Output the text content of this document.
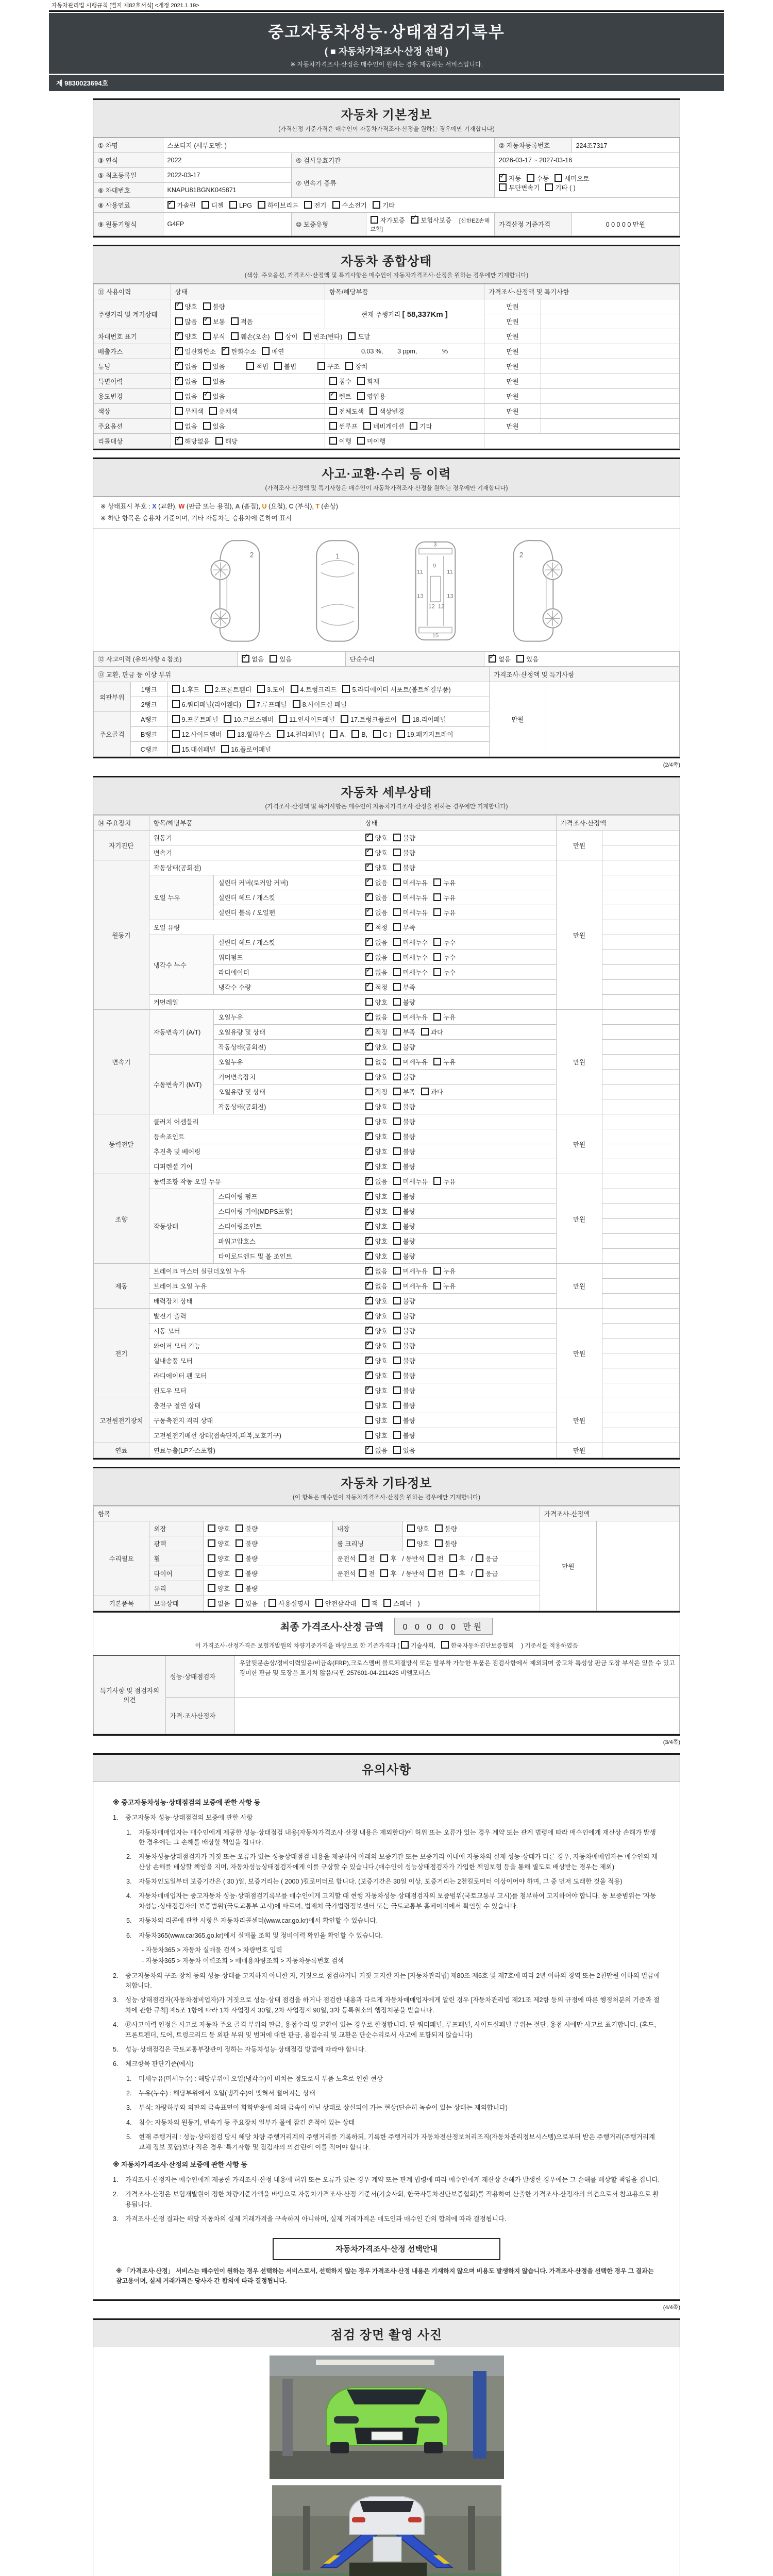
자동차관리법 시행규칙 [별지 제82호서식] <개정 2021.1.19>
중고자동차성능·상태점검기록부
( ■ 자동차가격조사·산정 선택 )
※ 자동차가격조사·산정은 매수인이 원하는 경우 제공하는 서비스입니다.
제 9830023694호
자동차 기본정보
(가격산정 기준가격은 매수인이 자동차가격조사·산정을 원하는 경우에만 기재합니다)
① 차명	스포티지 (세부모델: )			② 자동차등록번호	224조7317
③ 연식	2022	④ 검사유효기간		2026-03-17 ~ 2027-03-16	
⑤ 최초등록일	2022-03-17	⑦ 변속기 종류	
✓자동 수동 세미오토
무단변속기 기타 ( )

⑥ 차대번호	KNAPU81BGNK045871				
⑧ 사용연료	✓가솔린 디젤 LPG 하이브리드 전기 수소전기 기타
⑨ 원동기형식	G4FP	⑩ 보증유형	자가보증 ✓ 보험사보증 [신한EZ손해보험]	가격산정 기준가격	0 0 0 0 0 만원
자동차 종합상태
(색상, 주요옵션, 가격조사·산정액 및 특기사항은 매수인이 자동차가격조사·산정을 원하는 경우에만 기재합니다)
⑪ 사용이력	상태	항목/해당부품	가격조사·산정액 및 특기사항	
주행거리 및 계기상태	✓양호 불량	현재 주행거리 [ 58,337Km ]	만원	
	많음 ✓ 보통 적음		만원	
차대번호 표기	✓양호 부식 훼손(오손) 상이 변조(변타) 도말		만원	
배출가스	✓일산화탄소 ✓ 탄화수소 매연	0.03 %,        3 ppm,              %	만원	
튜닝	✓없음 있음 적법 불법 구조 장치		만원	
특별이력	✓없음 있음	침수 화재	만원	
용도변경	없음 ✓ 있음	✓렌트 영업용	만원	
색상	무채색 유채색	전체도색 색상변경	만원	
주요옵션	없음 있음	썬루프 네비게이션 기타	만원	
리콜대상	✓해당없음 해당	이행 미이행		
사고·교환·수리 등 이력
(가격조사·산정액 및 특기사항은 매수인이 자동차가격조사·산정을 원하는 경우에만 기재합니다)
※ 상태표시 부호 : X (교환), W (판금 또는 용접), A (흠집), U (요철), C (부식), T (손상)
※ 하단 항목은 승용차 기준이며, 기타 자동차는 승용차에 준하여 표시
2	1
3
9
11	11
13	13
12 12
15
2
⑫ 사고이력 (유의사항 4 참조)	✓없음 있음	단순수리	✓없음 있음
⑬ 교환, 판금 등 이상 부위			가격조사·산정액 및 특기사항	
외판부위	1랭크	1.후드 2.프론트휀더 3.도어 4.트렁크리드 5.라디에이터 서포트(볼트체결부품)	만원	
	2랭크	6.쿼터패널(리어휀다) 7.루프패널 8.사이드실 패널		
주요골격	A랭크	9.프론트패널 10.크로스멤버 11.인사이드패널 17.트렁크플로어 18.리어패널		
	B랭크	12.사이드멤버 13.휠하우스 14.필라패널 ( A, B, C ) 19.패키지트레이		
	C랭크	15.대쉬패널 16.플로어패널		
(2/4쪽)
자동차 세부상태
(가격조사·산정액 및 특기사항은 매수인이 자동차가격조사·산정을 원하는 경우에만 기재합니다)
⑭ 주요장치	항목/해당부품		상태	가격조사·산정액	
자기진단	원동기	✓양호 불량	만원	
	변속기	✓양호 불량	
원동기	작동상태(공회전)	✓양호 불량	만원	
	오일 누유	실린더 커버(로커암 커버)	✓없음 미세누유 누유	
		실린더 헤드 / 개스킷	✓없음 미세누유 누유	
		실린더 블록 / 오일팬	✓없음 미세누유 누유	
	오일 유량	✓적정 부족	
	냉각수 누수	실린더 헤드 / 개스킷	✓없음 미세누수 누수	
		워터펌프	✓없음 미세누수 누수	
		라디에이터	✓없음 미세누수 누수	
		냉각수 수량	✓적정 부족	
	커먼레일		양호 불량		
변속기	자동변속기 (A/T)	오일누유	✓없음 미세누유 누유	만원	
		오일유량 및 상태	✓적정 부족 과다	
		작동상태(공회전)	✓양호 불량	
	수동변속기 (M/T)	오일누유	없음 미세누유 누유		
		기어변속장치	양호 불량		
		오일유량 및 상태	적정 부족 과다		
		작동상태(공회전)	양호 불량		
동력전달	클러치 어셈블리		양호 불량	만원	
	등속죠인트	✓양호 불량	
	추진축 및 베어링	✓양호 불량	
	디퍼렌셜 기어	✓양호 불량	
조향	동력조향 작동 오일 누유	✓없음 미세누유 누유	만원	
	작동상태	스티어링 펌프	✓양호 불량	
		스티어링 기어(MDPS포함)	✓양호 불량	
		스티어링조인트	✓양호 불량	
		파워고압호스	✓양호 불량	
		타이로드엔드 및 볼 조인트	✓양호 불량	
제동	브레이크 마스터 실린더오일 누유	✓없음 미세누유 누유	만원	
	브레이크 오일 누유	✓없음 미세누유 누유	
	배력장치 상태	✓양호 불량	
전기	발전기 출력	✓양호 불량	만원	
	시동 모터	✓양호 불량	
	와이퍼 모터 기능	✓양호 불량	
	실내송풍 모터	✓양호 불량	
	라디에이터 팬 모터	✓양호 불량	
	윈도우 모터	✓양호 불량	
고전원전기장치	충전구 절연 상태		양호 불량	만원	
	구동축전지 격리 상태		양호 불량		
	고전원전기배선 상태(접속단자,피복,보호기구)		양호 불량		
연료	연료누출(LP가스포함)	✓없음 있음	만원	
자동차 기타정보
(이 항목은 매수인이 자동차가격조사·산정을 원하는 경우에만 기재합니다)
항목					가격조사·산정액	
수리필요	외장	양호 불량	내장	양호 불량	만원	
	광택	양호 불량	룸 크리닝	양호 불량		
	휠	양호 불량	운전석 전 후 / 동반석 전 후 / 응급			
	타이어	양호 불량	운전석 전 후 / 동반석 전 후 / 응급			
	유리	양호 불량				
기본품목	보유상태	없음 있음 ( 사용설명서 안전삼각대 잭 스패너 )				
최종 가격조사·산정 금액 0 0 0 0 0 만원
이 가격조사·산정가격은 보험개발원의 차량기준가액을 바탕으로 한 기준가격과 ( 기술사회,	한국자동차진단보증협회 ) 기준서를 적용하였음
특기사항 및 점검자의 의견	성능·상태점검자	우앞뒷문손상/정비이력있음/비금속(FRP),크로스멤버 볼트체결방식 또는 탈부착 가능한 부품은 점검사항에서 제외되며 중고차 특성상 판금 도장 부식은 있을 수 있고 경미한 판금 및 도장은 표기치 않음/국민 257601-04-211425 비엠모터스
	가격·조사산정자	
(3/4쪽)
유의사항
※ 중고자동차성능·상태점검의 보증에 관한 사항 등
1.	중고자동차 성능·상태점검의 보증에 관한 사항
1.	자동차매매업자는 매수인에게 제공한 성능·상태점검 내용(자동차가격조사·산정 내용은 제외한다)에 허위 또는 오류가 있는 경우 계약 또는 관계 법령에 따라 매수인에게 재산상 손해가 발생한 경우에는 그 손해를 배상할 책임을 집니다.
2.	자동차성능상태점검자가 거짓 또는 오류가 있는 성능상태점검 내용을 제공하여 아래의 보증기간 또는 보증거리 이내에 자동차의 실제 성능·상태가 다른 경우, 자동차매매업자는 매수인의 재산상 손해를 배상할 책임을 지며, 자동차성능상태점검자에게 이를 구상할 수 있습니다.(매수인이 성능상태점검자가 가입한 책임보험 등을 통해 별도로 배상받는 경우는 제외)
3.	자동차인도일부터 보증기간은 ( 30 )일, 보증거리는 ( 2000 )킬로미터로 합니다. (보증기간은 30일 이상, 보증거리는 2천킬로미터 이상이어야 하며, 그 중 먼저 도래한 것을 적용)
4.	자동차매매업자는 중고자동차 성능·상태점검기록부를 매수인에게 고지할 때 현행 자동차성능·상태점검자의 보증범위(국토교통부 고시)를 첨부하여 고지하여야 합니다. 동 보증범위는 '자동차성능·상태점검자의 보증범위'(국토교통부 고시)에 따르며, 법제처 국가법령정보센터 또는 국토교통부 홈페이지에서 확인할 수 있습니다.
5.	자동차의 리콜에 관한 사항은 자동차리콜센터(www.car.go.kr)에서 확인할 수 있습니다.
6.	자동차365(www.car365.go.kr)에서 실매물 조회 및 정비이력 확인을 확인할 수 있습니다.
- 자동차365 > 자동차 실매물 검색 > 차량번호 입력
- 자동차365 > 자동차 이력조회 > 매매용차량조회 > 자동차등록번호 검색
2.	중고자동차의 구조·장치 등의 성능·상태를 고지하지 아니한 자, 거짓으로 점검하거나 거짓 고지한 자는 [자동차관리법] 제80조 제6호 및 제7호에 따라 2년 이하의 징역 또는 2천만원 이하의 벌금에 처합니다.
3.	성능·상태점검자(자동차정비업자)가 거짓으로 성능·상태 점검을 하거나 점검한 내용과 다르게 자동차매매업자에게 알린 경우 [자동차관리법 제21조 제2항 등의 규정에 따른 행정처분의 기준과 절차에 관한 규칙] 제5조 1항에 따라 1차 사업정지 30일, 2차 사업정지 90일, 3차 등록취소의 행정처분을 받습니다.
4.	⑫사고이력 인정은 사고로 자동차 주요 골격 부위의 판금, 용접수리 및 교환이 있는 경우로 한정합니다. 단 쿼터패널, 루프패널, 사이드실패널 부위는 절단, 용접 시에만 사고로 표기합니다. (후드, 프론트펜더, 도어, 트렁크리드 등 외판 부위 및 범퍼에 대한 판금, 용접수리 및 교환은 단순수리로서 사고에 포함되지 않습니다)
5.	성능·상태점검은 국토교통부장관이 정하는 자동차성능·상태점검 방법에 따라야 합니다.
6.	체크항목 판단기준(예시)
1.	미세누유(미세누수) : 해당부위에 오일(냉각수)이 비치는 정도로서 부품 노후로 인한 현상
2.	누유(누수) : 해당부위에서 오일(냉각수)이 맺혀서 떨어지는 상태
3.	부식: 차량하부와 외판의 금속표면이 화학반응에 의해 금속이 아닌 상태로 상실되어 가는 현상(단순히 녹슬어 있는 상태는 제외합니다)
4.	침수: 자동차의 원동기, 변속기 등 주요장치 일부가 물에 잠긴 흔적이 있는 상태
5.	현재 주행거리 : 성능·상태점검 당시 해당 차량 주행거리계의 주행거리를 기록하되, 기록한 주행거리가 자동차전산정보처리조직(자동차관리정보시스템)으로부터 받은 주행거리(주행거리계 교체 정보 포함)보다 적은 경우 '특기사항 및 점검자의 의견'란에 이를 적어야 합니다.
※ 자동차가격조사·산정의 보증에 관한 사항 등
1.	가격조사·산정자는 매수인에게 제공한 가격조사·산정 내용에 허위 또는 오류가 있는 경우 계약 또는 관계 법령에 따라 매수인에게 재산상 손해가 발생한 경우에는 그 손해를 배상할 책임을 집니다.
2.	가격조사·산정은 보험개발원이 정한 차량기준가액을 바탕으로 자동차가격조사·산정 기준서(기술사회, 한국자동차진단보증협회)를 적용하여 산출한 가격조사·산정자의 의견으로서 참고용으로 활용됩니다.
3.	가격조사·산정 결과는 해당 자동차의 실제 거래가격을 구속하지 아니하며, 실제 거래가격은 매도인과 매수인 간의 합의에 따라 결정됩니다.
자동차가격조사·산정 선택안내
※ 「가격조사·산정」 서비스는 매수인이 원하는 경우 선택하는 서비스로서, 선택하지 않는 경우 가격조사·산정 내용은 기재하지 않으며 비용도 발생하지 않습니다. 가격조사·산정을 선택한 경우 그 결과는 참고용이며, 실제 거래가격은 당사자 간 합의에 따라 결정됩니다.
(4/4쪽)
점검 장면 촬영 사진
